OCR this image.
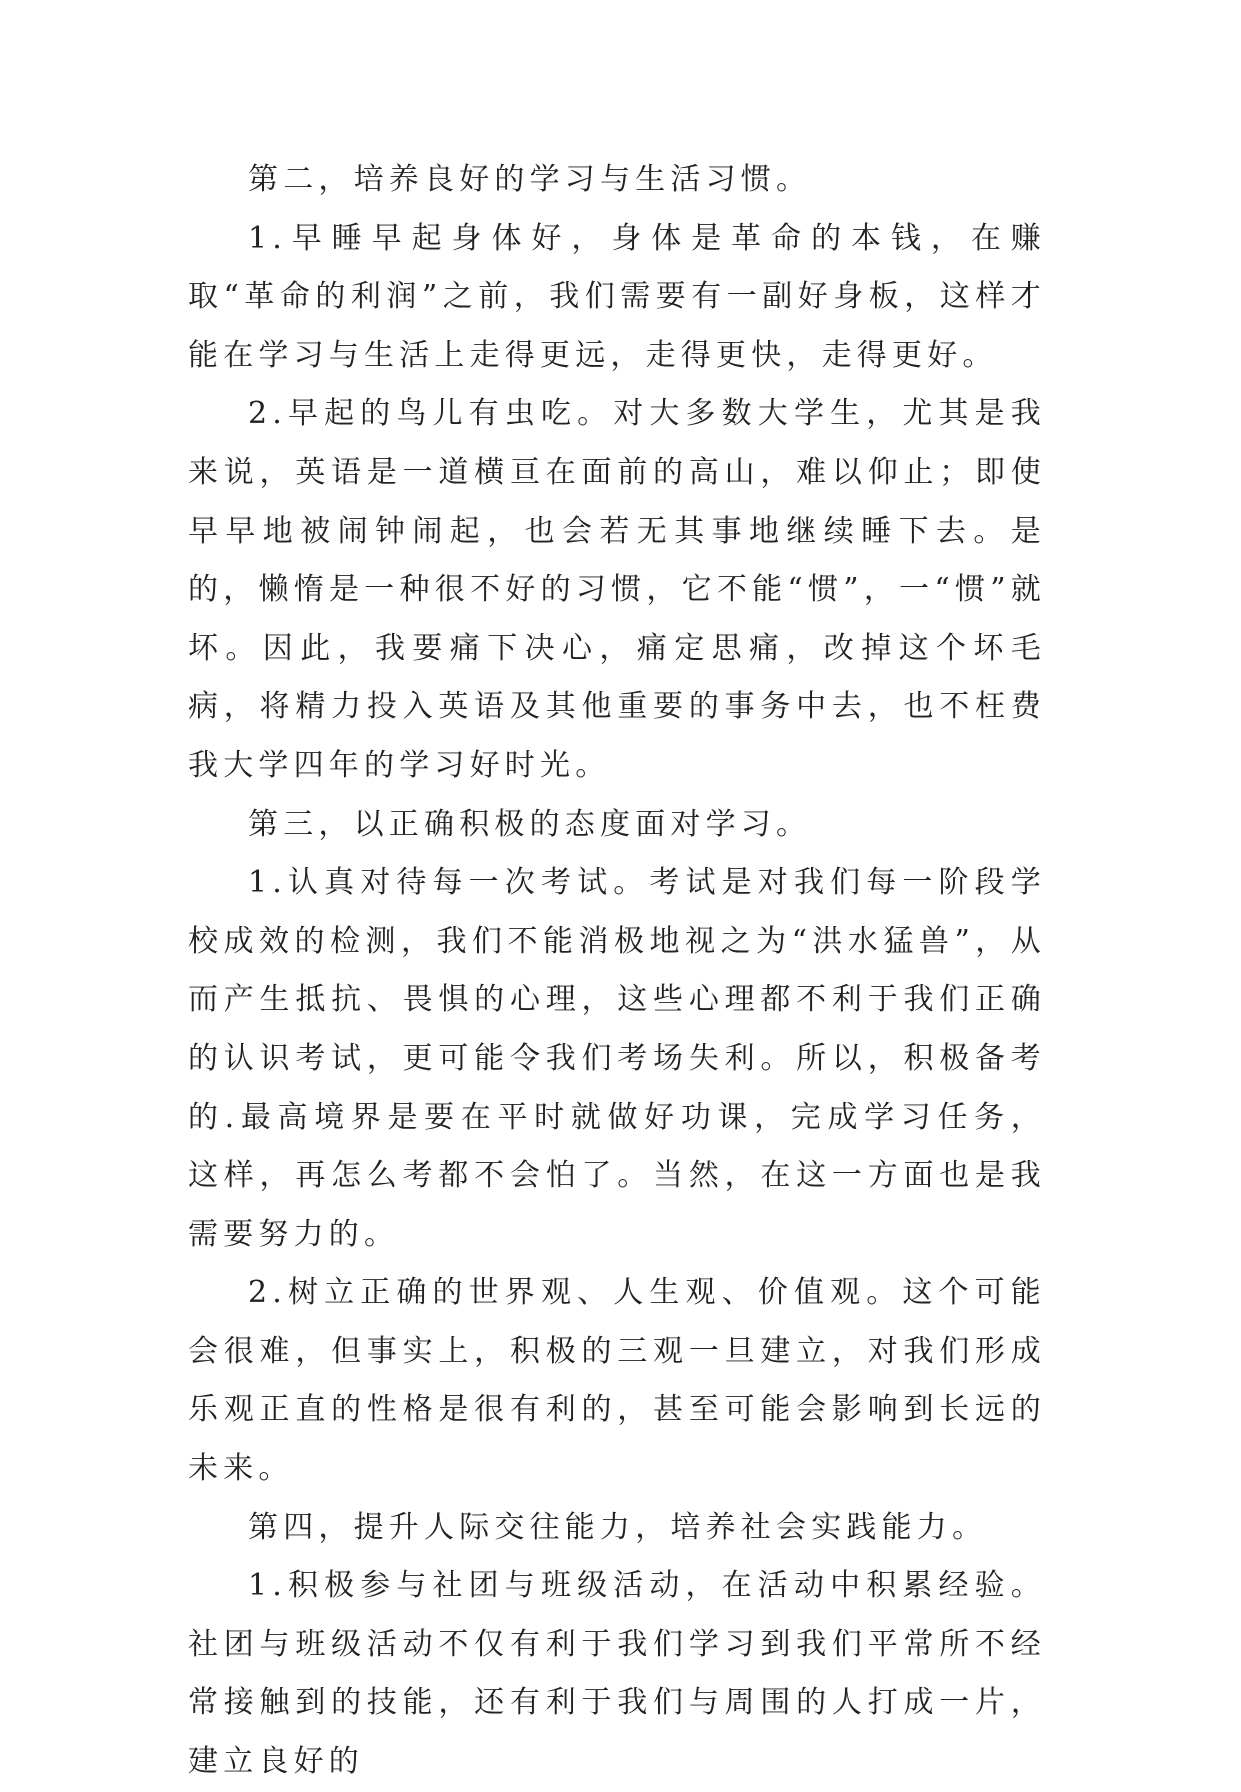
第二，培养良好的学习与生活习惯。

1.早睡早起身体好，身体是革命的本钱，在赚取“革命的利润”之前，我们需要有一副好身板，这样才能在学习与生活上走得更远，走得更快，走得更好。

2.早起的鸟儿有虫吃。对大多数大学生，尤其是我来说，英语是一道横亘在面前的高山，难以仰止；即使早早地被闹钟闹起，也会若无其事地继续睡下去。是的，懒惰是一种很不好的习惯，它不能“惯”，一“惯”就坏。因此，我要痛下决心，痛定思痛，改掉这个坏毛病，将精力投入英语及其他重要的事务中去，也不枉费我大学四年的学习好时光。

第三，以正确积极的态度面对学习。

1.认真对待每一次考试。考试是对我们每一阶段学校成效的检测，我们不能消极地视之为“洪水猛兽”，从而产生抵抗、畏惧的心理，这些心理都不利于我们正确的认识考试，更可能令我们考场失利。所以，积极备考的.最高境界是要在平时就做好功课，完成学习任务，这样，再怎么考都不会怕了。当然，在这一方面也是我需要努力的。

2.树立正确的世界观、人生观、价值观。这个可能会很难，但事实上，积极的三观一旦建立，对我们形成乐观正直的性格是很有利的，甚至可能会影响到长远的未来。

第四，提升人际交往能力，培养社会实践能力。

1.积极参与社团与班级活动，在活动中积累经验。社团与班级活动不仅有利于我们学习到我们平常所不经常接触到的技能，还有利于我们与周围的人打成一片，建立良好的
